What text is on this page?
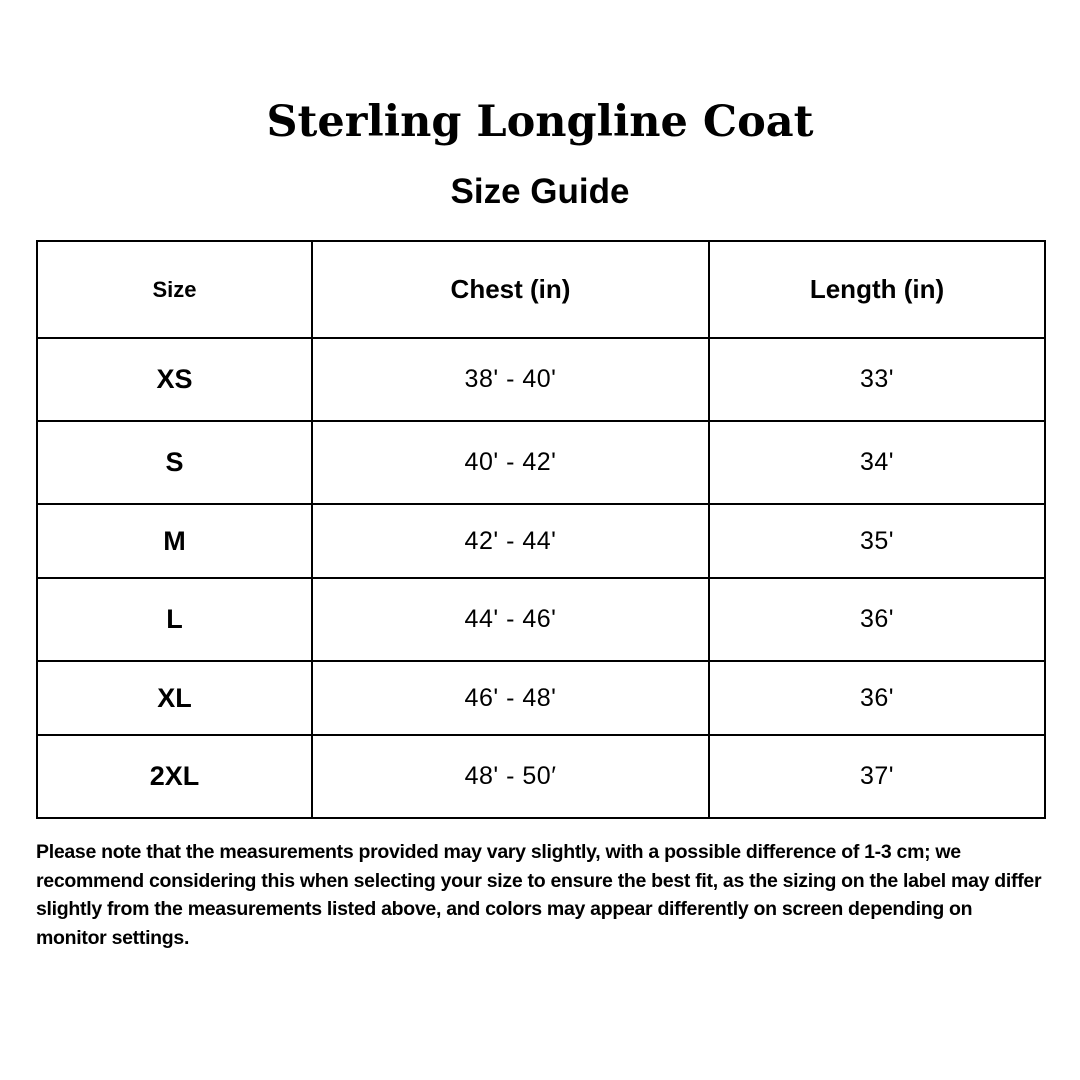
Sterling Longline Coat
Size Guide
Size	Chest (in)	Length (in)
XS	38' - 40'	33'
S	40' - 42'	34'
M	42' - 44'	35'
L	44' - 46'	36'
XL	46' - 48'	36'
2XL	48' - 50′	37'
Please note that the measurements provided may vary slightly, with a possible difference of 1-3 cm; we recommend considering this when selecting your size to ensure the best fit, as the sizing on the label may differ slightly from the measurements listed above, and colors may appear differently on screen depending on monitor settings.
